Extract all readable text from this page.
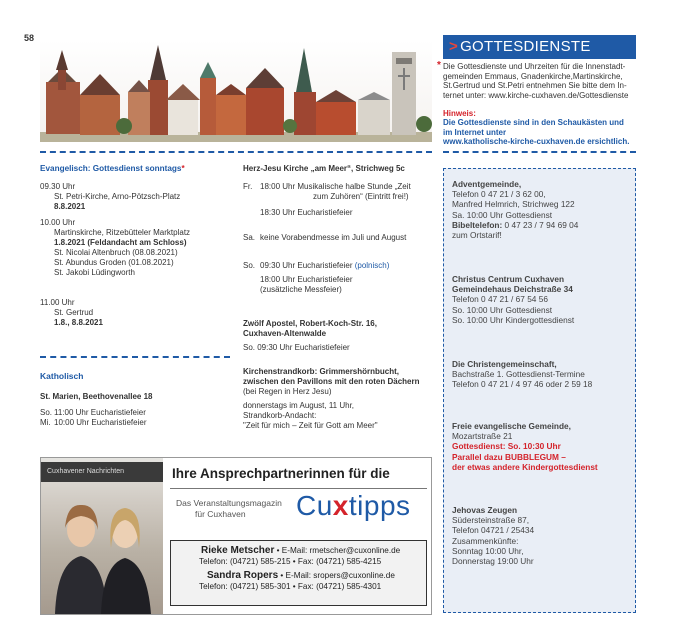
58	> GOTTESDIENSTE
* Die Gottesdienste und Uhrzeiten für die Innenstadt-
gemeinden Emmaus, Gnadenkirche,Martinskirche,
St.Gertrud und St.Petri entnehmen Sie bitte dem In-
ternet unter: www.kirche-cuxhaven.de/Gottesdienste
Hinweis:
Die Gottesdienste sind in den Schaukästen und
im Internet unter
www.katholische-kirche-cuxhaven.de ersichtlich.
Evangelisch: Gottesdienst sonntags*
09.30 Uhr
St. Petri-Kirche, Arno-Pötzsch-Platz
8.8.2021
10.00 Uhr
Martinskirche, Ritzebütteler Marktplatz
1.8.2021 (Feldandacht am Schloss)
St. Nicolai Altenbruch (08.08.2021)
St. Abundus Groden (01.08.2021)
St. Jakobi Lüdingworth
11.00 Uhr
St. Gertrud
1.8., 8.8.2021
Katholisch
St. Marien, Beethovenallee 18
So. 11:00 Uhr Eucharistiefeier
Mi. 10:00 Uhr Eucharistiefeier
Herz-Jesu Kirche „am Meer“, Strichweg 5c
Fr. 18:00 Uhr Musikalische halbe Stunde „Zeit
zum Zuhören“ (Eintritt frei!)
18:30 Uhr Eucharistiefeier
Sa. keine Vorabendmesse im Juli und August
So. 09:30 Uhr Eucharistiefeier (polnisch)
18:00 Uhr Eucharistiefeier
(zusätzliche Messfeier)
Zwölf Apostel, Robert-Koch-Str. 16,
Cuxhaven-Altenwalde
So. 09:30 Uhr Eucharistiefeier
Kirchenstrandkorb: Grimmershörnbucht,
zwischen den Pavillons mit den roten Dächern
(bei Regen in Herz Jesu)
donnerstags im August, 11 Uhr,
Strandkorb-Andacht:
"Zeit für mich – Zeit für Gott am Meer"
Adventgemeinde,
Telefon 0 47 21 / 3 62 00,
Manfred Helmrich, Strichweg 122
Sa. 10:00 Uhr Gottesdienst
Bibeltelefon: 0 47 23 / 7 94 69 04
zum Ortstarif!
Christus Centrum Cuxhaven
Gemeindehaus Deichstraße 34
Telefon 0 47 21 / 67 54 56
So. 10:00 Uhr Gottesdienst
So. 10:00 Uhr Kindergottesdienst
Die Christengemeinschaft,
Bachstraße 1. Gottesdienst-Termine
Telefon 0 47 21 / 4 97 46 oder 2 59 18
Freie evangelische Gemeinde,
Mozartstraße 21
Gottesdienst: So. 10:30 Uhr
Parallel dazu BUBBLEGUM –
der etwas andere Kindergottesdienst
Jehovas Zeugen
Südersteinstraße 87,
Telefon 04721 / 25434
Zusammenkünfte:
Sonntag 10:00 Uhr,
Donnerstag 19:00 Uhr
Cuxhavener Nachrichten	Ihre Ansprechpartnerinnen für die
Das Veranstaltungsmagazin
für Cuxhaven Cuxtipps
Rieke Metscher • E-Mail: rmetscher@cuxonline.de
Telefon: (04721) 585-215 • Fax: (04721) 585-4215
Sandra Ropers • E-Mail: sropers@cuxonline.de
Telefon: (04721) 585-301 • Fax: (04721) 585-4301
